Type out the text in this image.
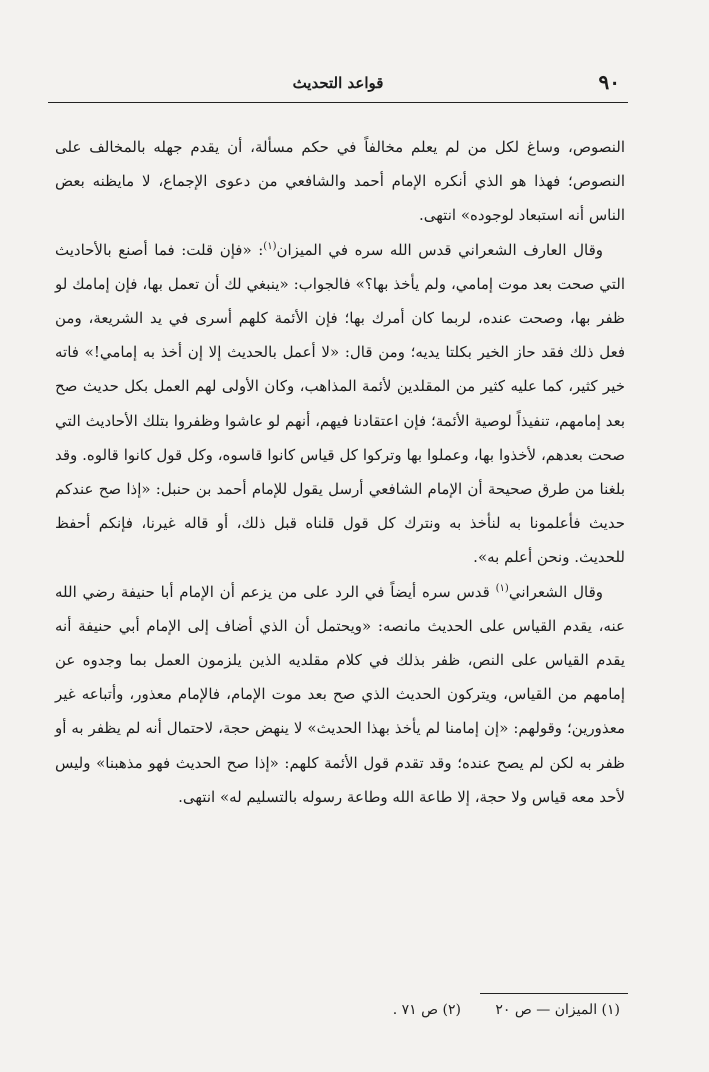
٩٠
قواعد التحديث

النصوص، وساغ لكل من لم يعلم مخالفاً في حكم مسألة، أن يقدم جهله بالمخالف على النصوص؛ فهذا هو الذي أنكره الإمام أحمد والشافعي من دعوى الإجماع، لا مايظنه بعض الناس أنه استبعاد لوجوده» انتهى.

وقال العارف الشعراني قدس الله سره في الميزان$^{(١)}$: «فإن قلت: فما أصنع بالأحاديث التي صحت بعد موت إمامي، ولم يأخذ بها؟» فالجواب: «ينبغي لك أن تعمل بها، فإن إمامك لو ظفر بها، وصحت عنده، لربما كان أمرك بها؛ فإن الأئمة كلهم أسرى في يد الشريعة، ومن فعل ذلك فقد حاز الخير بكلتا يديه؛ ومن قال: «لا أعمل بالحديث إلا إن أخذ به إمامي!» فاته خير كثير، كما عليه كثير من المقلدين لأئمة المذاهب، وكان الأولى لهم العمل بكل حديث صح بعد إمامهم، تنفيذاً لوصية الأئمة؛ فإن اعتقادنا فيهم، أنهم لو عاشوا وظفروا بتلك الأحاديث التي صحت بعدهم، لأخذوا بها، وعملوا بها وتركوا كل قياس كانوا قاسوه، وكل قول كانوا قالوه. وقد بلغنا من طرق صحيحة أن الإمام الشافعي أرسل يقول للإمام أحمد بن حنبل: «إذا صح عندكم حديث فأعلمونا به لنأخذ به ونترك كل قول قلناه قبل ذلك، أو قاله غيرنا، فإنكم أحفظ للحديث. ونحن أعلم به».

وقال الشعراني$^{(١)}$ قدس سره أيضاً في الرد على من يزعم أن الإمام أبا حنيفة رضي الله عنه، يقدم القياس على الحديث مانصه: «ويحتمل أن الذي أضاف إلى الإمام أبي حنيفة أنه يقدم القياس على النص، ظفر بذلك في كلام مقلديه الذين يلزمون العمل بما وجدوه عن إمامهم من القياس، ويتركون الحديث الذي صح بعد موت الإمام، فالإمام معذور، وأتباعه غير معذورين؛ وقولهم: «إن إمامنا لم يأخذ بهذا الحديث» لا ينهض حجة، لاحتمال أنه لم يظفر به أو ظفر به لكن لم يصح عنده؛ وقد تقدم قول الأئمة كلهم: «إذا صح الحديث فهو مذهبنا» وليس لأحد معه قياس ولا حجة، إلا طاعة الله وطاعة رسوله بالتسليم له» انتهى.

(١) الميزان — ص ٢٠ (٢) ص ٧١ .
